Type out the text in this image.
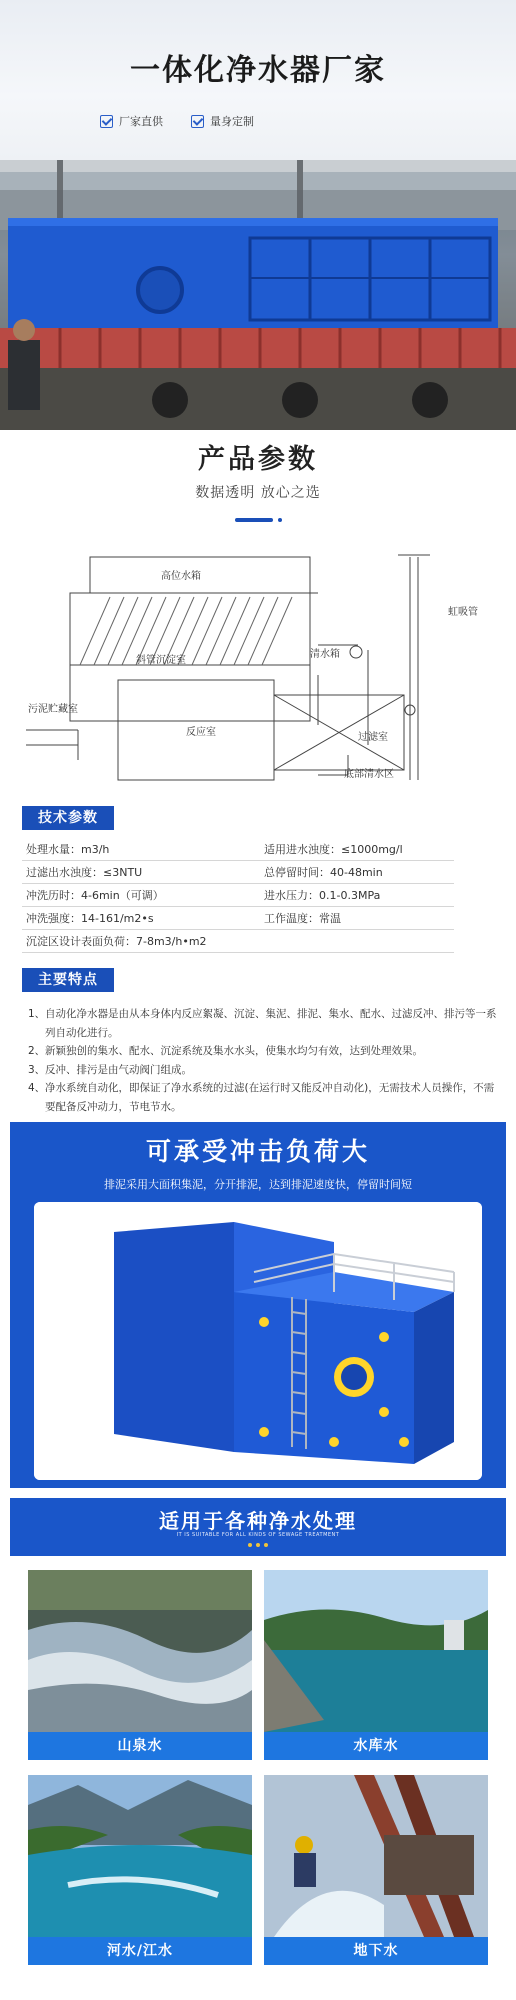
一体化净水器厂家
厂家直供	量身定制
产品参数
数据透明 放心之选
高位水箱
虹吸管
清水箱
斜管沉淀室
污泥贮藏室
反应室	过滤室
底部清水区
技术参数
处理水量：m3/h	适用进水浊度：≤1000mg/l
过滤出水浊度：≤3NTU	总停留时间：40-48min
冲洗历时：4-6min（可调）	进水压力：0.1-0.3MPa
冲洗强度：14-161/m2•s	工作温度：常温
沉淀区设计表面负荷：7-8m3/h•m2
主要特点
1、 自动化净水器是由从本身体内反应絮凝、沉淀、集泥、排泥、集水、配水、过滤反冲、排污等一系列自动化进行。
2、 新颖独创的集水、配水、沉淀系统及集水水头，使集水均匀有效，达到处理效果。
3、 反冲、排污是由气动阀门组成。
4、 净水系统自动化，即保证了净水系统的过滤(在运行时又能反冲自动化)，无需技术人员操作，不需要配备反冲动力，节电节水。
可承受冲击负荷大
排泥采用大面积集泥，分开排泥，达到排泥速度快，停留时间短
适用于各种净水处理
IT IS SUITABLE FOR ALL KINDS OF SEWAGE TREATMENT
山泉水	水库水
河水/江水	地下水
